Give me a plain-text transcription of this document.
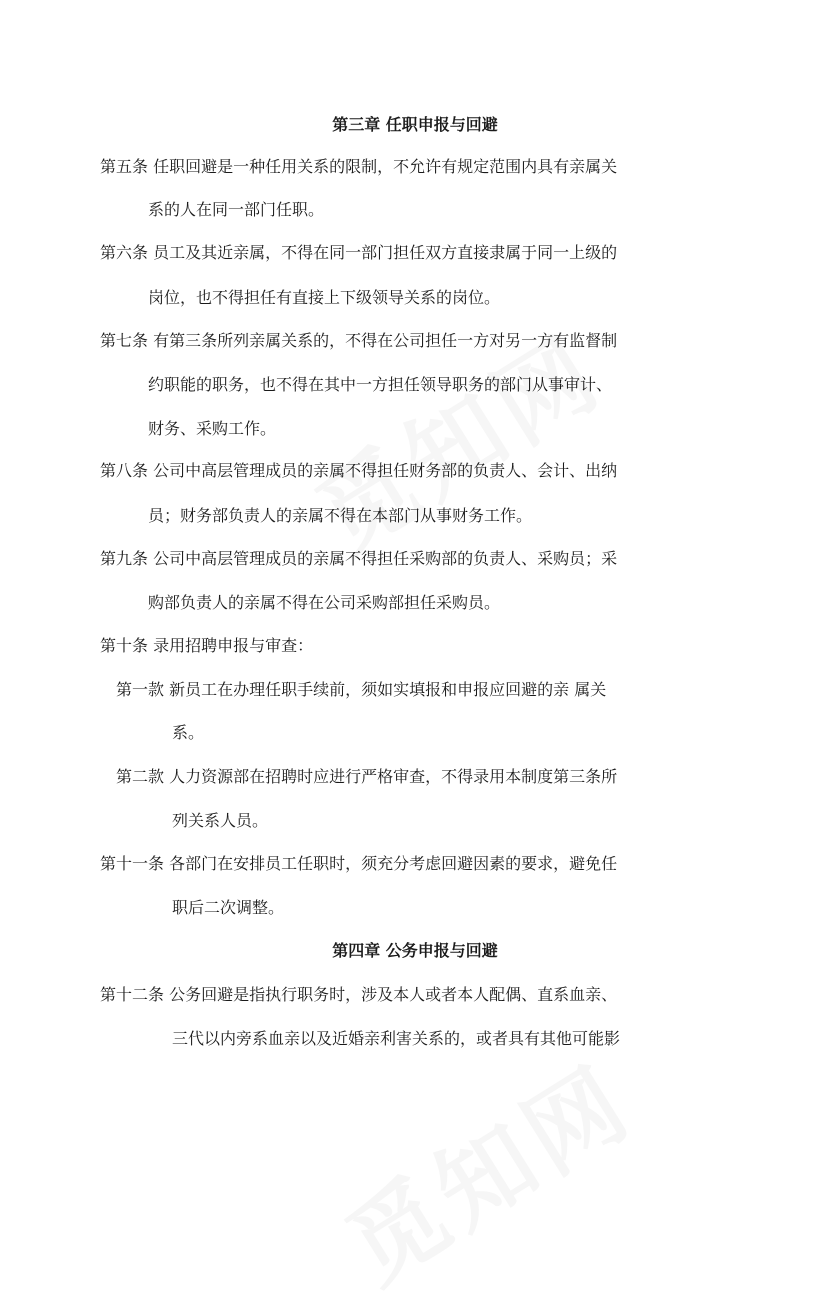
第三章 任职申报与回避
第五条 任职回避是一种任用关系的限制，不允许有规定范围内具有亲属关
系的人在同一部门任职。
第六条 员工及其近亲属，不得在同一部门担任双方直接隶属于同一上级的
岗位，也不得担任有直接上下级领导关系的岗位。
第七条 有第三条所列亲属关系的，不得在公司担任一方对另一方有监督制
约职能的职务，也不得在其中一方担任领导职务的部门从事审计、
财务、采购工作。
第八条 公司中高层管理成员的亲属不得担任财务部的负责人、会计、出纳
员；财务部负责人的亲属不得在本部门从事财务工作。
第九条 公司中高层管理成员的亲属不得担任采购部的负责人、采购员；采
购部负责人的亲属不得在公司采购部担任采购员。
第十条 录用招聘申报与审查：
第一款 新员工在办理任职手续前，须如实填报和申报应回避的亲 属关
系。
第二款 人力资源部在招聘时应进行严格审查，不得录用本制度第三条所
列关系人员。
第十一条 各部门在安排员工任职时，须充分考虑回避因素的要求，避免任
职后二次调整。
第四章 公务申报与回避
第十二条 公务回避是指执行职务时，涉及本人或者本人配偶、直系血亲、
三代以内旁系血亲以及近婚亲利害关系的，或者具有其他可能影
